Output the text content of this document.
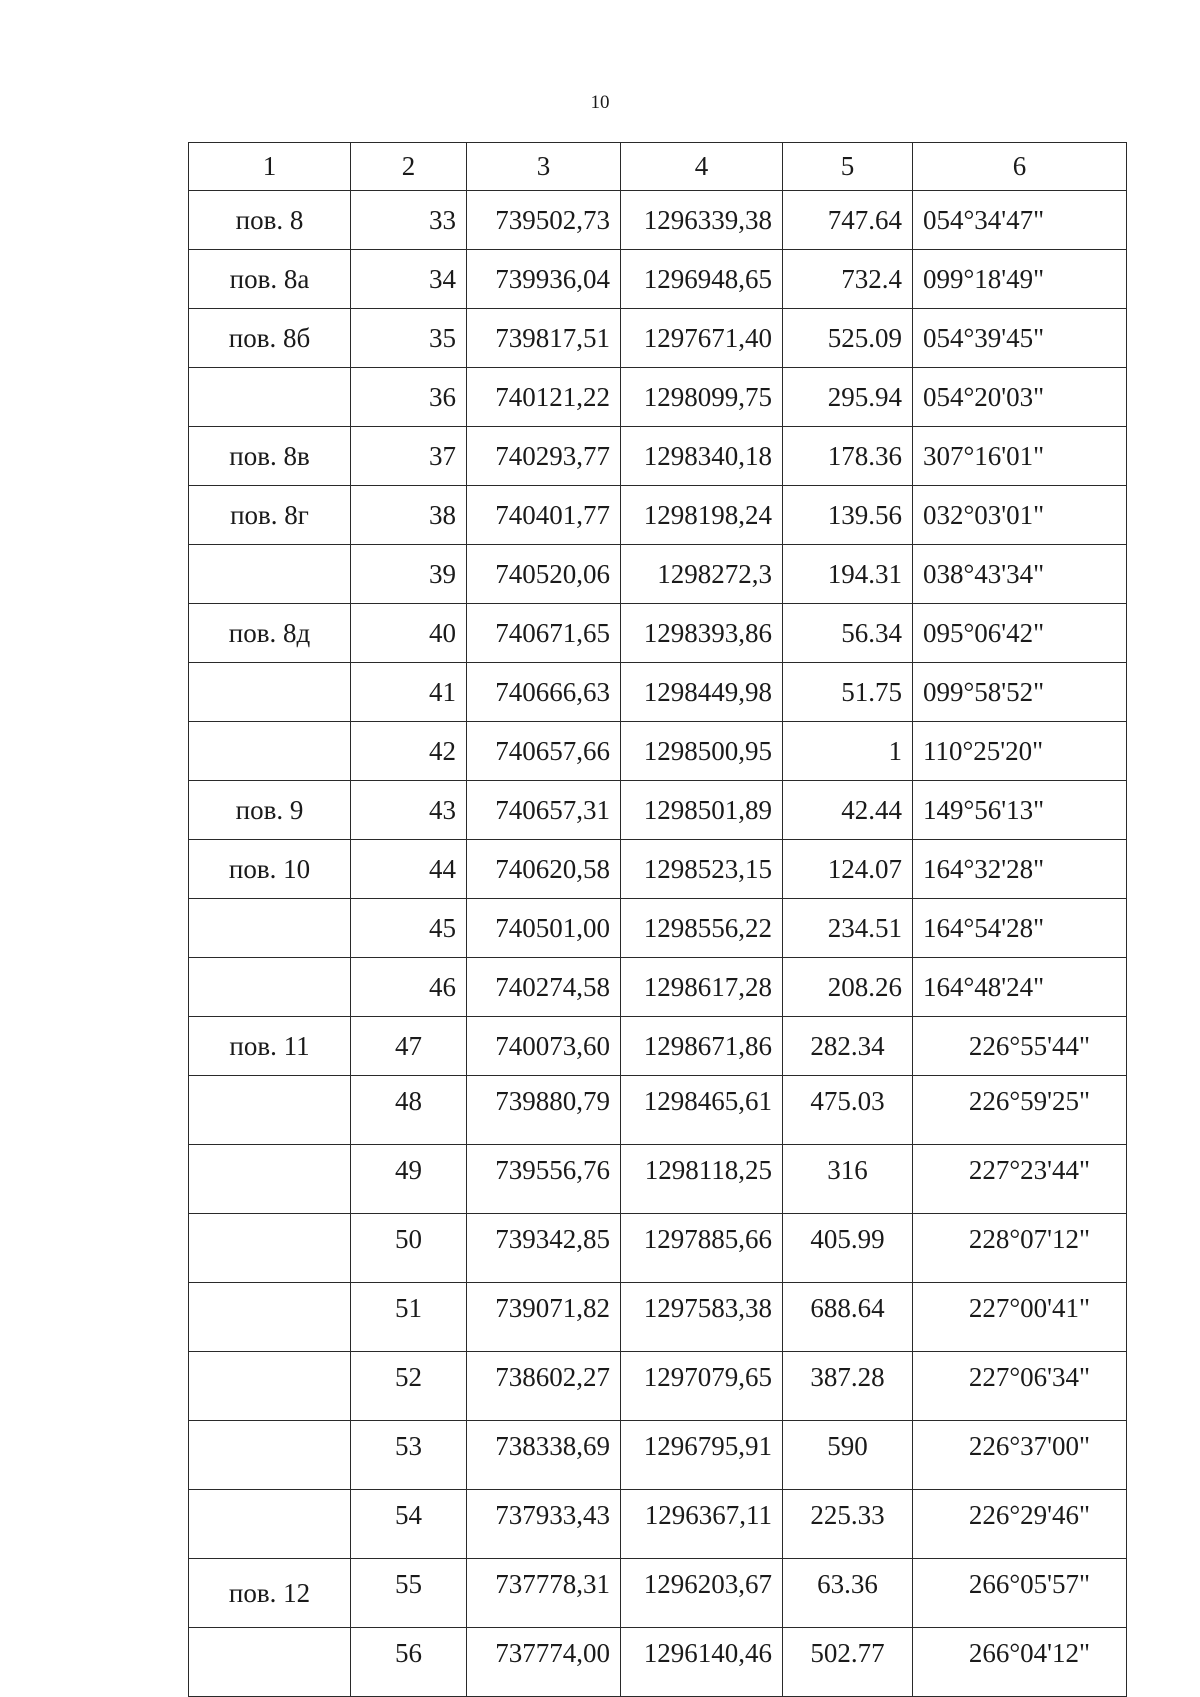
10
1	2	3	4	5	6
пов. 8	33	739502,73	1296339,38	747.64	054°34'47"
пов. 8а	34	739936,04	1296948,65	732.4	099°18'49"
пов. 8б	35	739817,51	1297671,40	525.09	054°39'45"
	36	740121,22	1298099,75	295.94	054°20'03"
пов. 8в	37	740293,77	1298340,18	178.36	307°16'01"
пов. 8г	38	740401,77	1298198,24	139.56	032°03'01"
	39	740520,06	1298272,3	194.31	038°43'34"
пов. 8д	40	740671,65	1298393,86	56.34	095°06'42"
	41	740666,63	1298449,98	51.75	099°58'52"
	42	740657,66	1298500,95	1	110°25'20"
пов. 9	43	740657,31	1298501,89	42.44	149°56'13"
пов. 10	44	740620,58	1298523,15	124.07	164°32'28"
	45	740501,00	1298556,22	234.51	164°54'28"
	46	740274,58	1298617,28	208.26	164°48'24"
пов. 11	47	740073,60	1298671,86	282.34	226°55'44"
	48	739880,79	1298465,61	475.03	226°59'25"
	49	739556,76	1298118,25	316	227°23'44"
	50	739342,85	1297885,66	405.99	228°07'12"
	51	739071,82	1297583,38	688.64	227°00'41"
	52	738602,27	1297079,65	387.28	227°06'34"
	53	738338,69	1296795,91	590	226°37'00"
	54	737933,43	1296367,11	225.33	226°29'46"
пов. 12	55	737778,31	1296203,67	63.36	266°05'57"
	56	737774,00	1296140,46	502.77	266°04'12"
